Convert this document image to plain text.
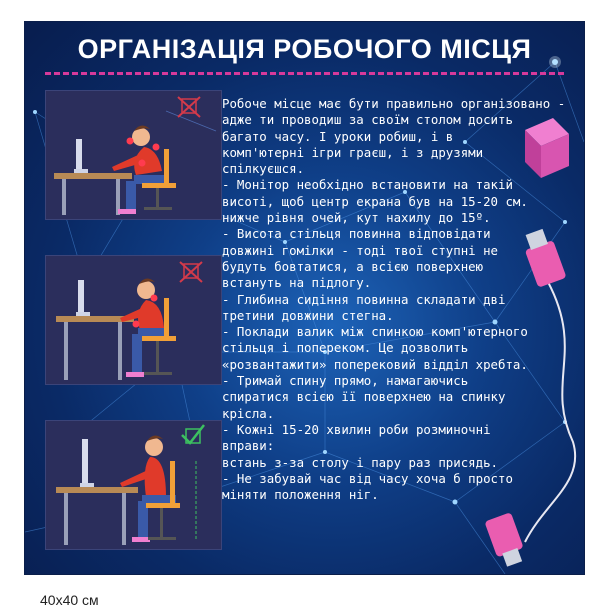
ОРГАНІЗАЦІЯ РОБОЧОГО МІСЦЯ
Робоче місце має бути правильно організовано -
адже ти проводиш за своїм столом досить
багато часу. І уроки робиш, і в
комп'ютерні ігри граєш, і з друзями
спілкуєшся.
- Монітор необхідно встановити на такій
висоті, щоб центр екрана був на 15-20 см.
нижче рівня очей, кут нахилу до 15º.
- Висота стільця повинна відповідати
довжині гомілки - тоді твої ступні не
будуть бовтатися, а всією поверхнею
встануть на підлогу.
- Глибина сидіння повинна складати дві
третини довжини стегна.
- Поклади валик між спинкою комп'ютерного
стільця і поперeком. Це дозволить
«розвантажити» поперековий відділ хребта.
- Тримай спину прямо, намагаючись
спиратися всією її поверхнею на спинку
крісла.
- Кожні 15-20 хвилин роби розминочні
вправи:
встань з-за столу і пару раз присядь.
- Не забувай час від часу хоча б просто
міняти положення ніг.
40x40 см
